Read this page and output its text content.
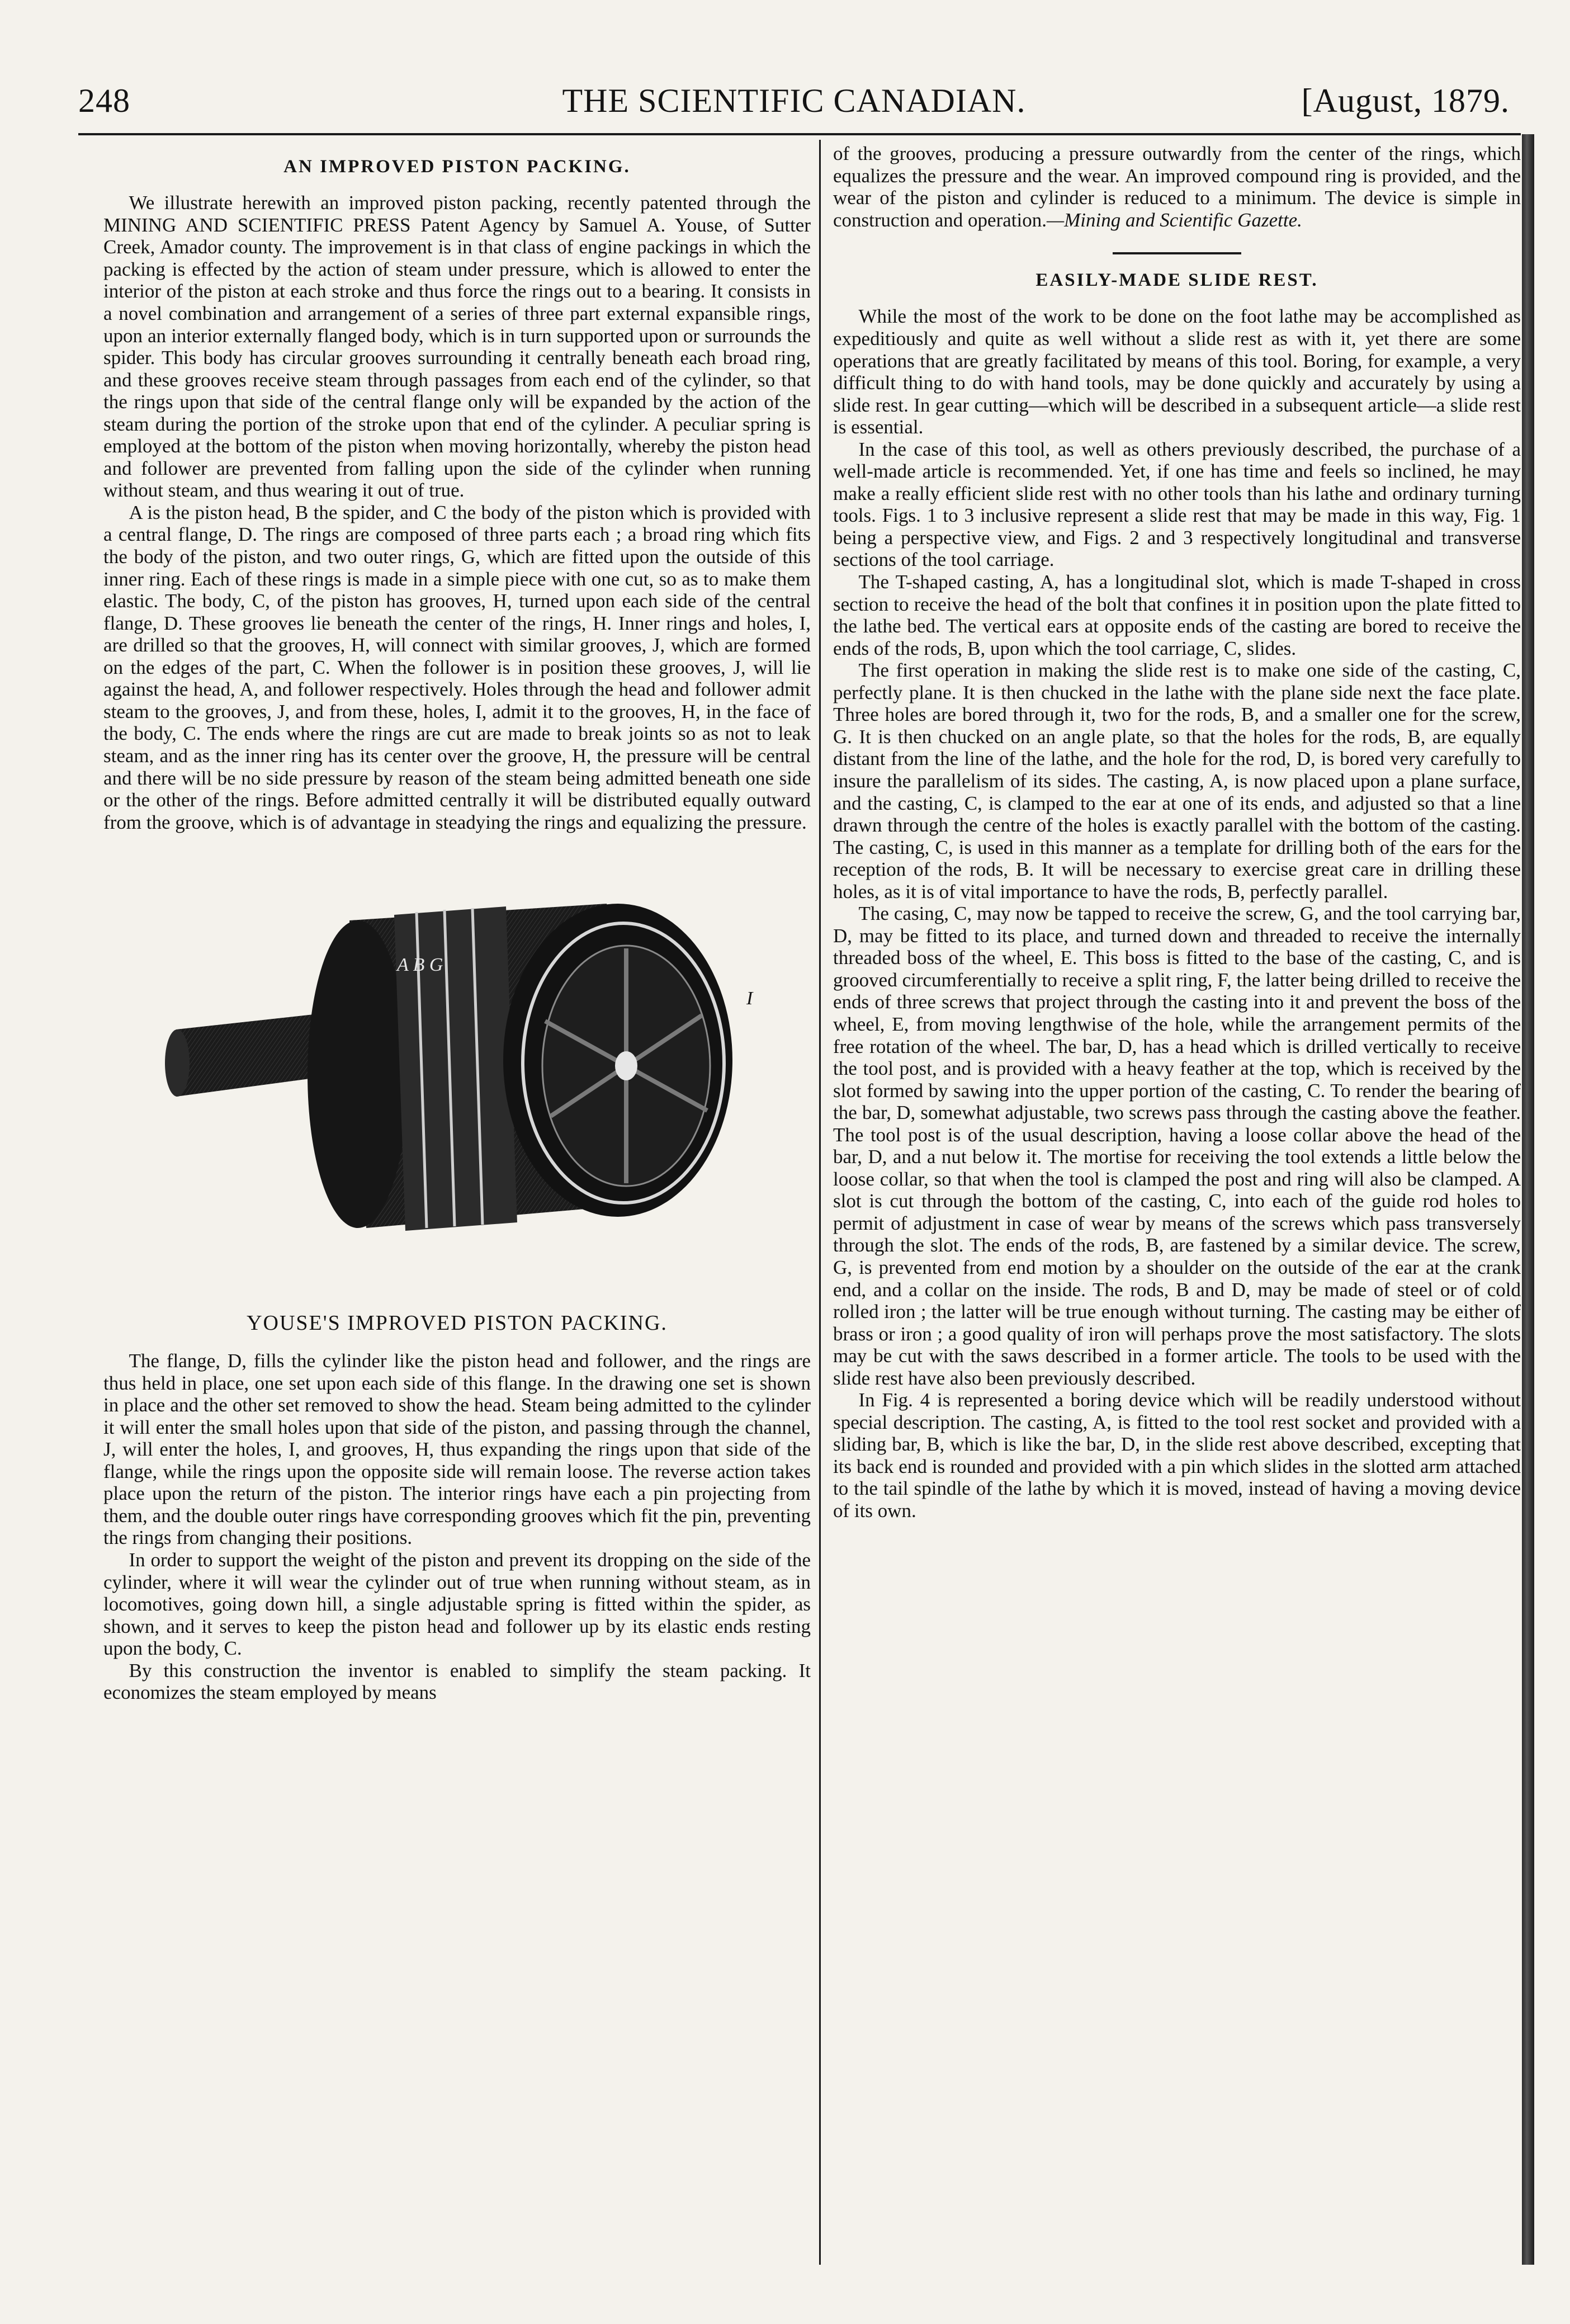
248	THE SCIENTIFIC CANADIAN.	[August, 1879.
AN IMPROVED PISTON PACKING.

We illustrate herewith an improved piston packing, recently patented through the MINING AND SCIENTIFIC PRESS Patent Agency by Samuel A. Youse, of Sutter Creek, Amador county. The improvement is in that class of engine packings in which the packing is effected by the action of steam under pressure, which is allowed to enter the interior of the piston at each stroke and thus force the rings out to a bearing. It consists in a novel combination and arrangement of a series of three part external expansible rings, upon an interior externally flanged body, which is in turn supported upon or surrounds the spider. This body has circular grooves surrounding it centrally beneath each broad ring, and these grooves receive steam through passages from each end of the cylinder, so that the rings upon that side of the central flange only will be expanded by the action of the steam during the portion of the stroke upon that end of the cylinder. A peculiar spring is employed at the bottom of the piston when moving horizontally, whereby the piston head and follower are prevented from falling upon the side of the cylinder when running without steam, and thus wearing it out of true.

A is the piston head, B the spider, and C the body of the piston which is provided with a central flange, D. The rings are composed of three parts each ; a broad ring which fits the body of the piston, and two outer rings, G, which are fitted upon the outside of this inner ring. Each of these rings is made in a simple piece with one cut, so as to make them elastic. The body, C, of the piston has grooves, H, turned upon each side of the central flange, D. These grooves lie beneath the center of the rings, H. Inner rings and holes, I, are drilled so that the grooves, H, will connect with similar grooves, J, which are formed on the edges of the part, C. When the follower is in position these grooves, J, will lie against the head, A, and follower respectively. Holes through the head and follower admit steam to the grooves, J, and from these, holes, I, admit it to the grooves, H, in the face of the body, C. The ends where the rings are cut are made to break joints so as not to leak steam, and as the inner ring has its center over the groove, H, the pressure will be central and there will be no side pressure by reason of the steam being admitted beneath one side or the other of the rings. Before admitted centrally it will be distributed equally outward from the groove, which is of advantage in steadying the rings and equalizing the pressure.

A B G
I
YOUSE'S IMPROVED PISTON PACKING.

The flange, D, fills the cylinder like the piston head and follower, and the rings are thus held in place, one set upon each side of this flange. In the drawing one set is shown in place and the other set removed to show the head. Steam being admitted to the cylinder it will enter the small holes upon that side of the piston, and passing through the channel, J, will enter the holes, I, and grooves, H, thus expanding the rings upon that side of the flange, while the rings upon the opposite side will remain loose. The reverse action takes place upon the return of the piston. The interior rings have each a pin projecting from them, and the double outer rings have corresponding grooves which fit the pin, preventing the rings from changing their positions.

In order to support the weight of the piston and prevent its dropping on the side of the cylinder, where it will wear the cylinder out of true when running without steam, as in locomotives, going down hill, a single adjustable spring is fitted within the spider, as shown, and it serves to keep the piston head and follower up by its elastic ends resting upon the body, C.

By this construction the inventor is enabled to simplify the steam packing. It economizes the steam employed by means

of the grooves, producing a pressure outwardly from the center of the rings, which equalizes the pressure and the wear. An improved compound ring is provided, and the wear of the piston and cylinder is reduced to a minimum. The device is simple in construction and operation.—Mining and Scientific Gazette.

EASILY-MADE SLIDE REST.

While the most of the work to be done on the foot lathe may be accomplished as expeditiously and quite as well without a slide rest as with it, yet there are some operations that are greatly facilitated by means of this tool. Boring, for example, a very difficult thing to do with hand tools, may be done quickly and accurately by using a slide rest. In gear cutting—which will be described in a subsequent article—a slide rest is essential.

In the case of this tool, as well as others previously described, the purchase of a well-made article is recommended. Yet, if one has time and feels so inclined, he may make a really efficient slide rest with no other tools than his lathe and ordinary turning tools. Figs. 1 to 3 inclusive represent a slide rest that may be made in this way, Fig. 1 being a perspective view, and Figs. 2 and 3 respectively longitudinal and transverse sections of the tool carriage.

The T-shaped casting, A, has a longitudinal slot, which is made T-shaped in cross section to receive the head of the bolt that confines it in position upon the plate fitted to the lathe bed. The vertical ears at opposite ends of the casting are bored to receive the ends of the rods, B, upon which the tool carriage, C, slides.

The first operation in making the slide rest is to make one side of the casting, C, perfectly plane. It is then chucked in the lathe with the plane side next the face plate. Three holes are bored through it, two for the rods, B, and a smaller one for the screw, G. It is then chucked on an angle plate, so that the holes for the rods, B, are equally distant from the line of the lathe, and the hole for the rod, D, is bored very carefully to insure the parallelism of its sides. The casting, A, is now placed upon a plane surface, and the casting, C, is clamped to the ear at one of its ends, and adjusted so that a line drawn through the centre of the holes is exactly parallel with the bottom of the casting. The casting, C, is used in this manner as a template for drilling both of the ears for the reception of the rods, B. It will be necessary to exercise great care in drilling these holes, as it is of vital importance to have the rods, B, perfectly parallel.

The casing, C, may now be tapped to receive the screw, G, and the tool carrying bar, D, may be fitted to its place, and turned down and threaded to receive the internally threaded boss of the wheel, E. This boss is fitted to the base of the casting, C, and is grooved circumferentially to receive a split ring, F, the latter being drilled to receive the ends of three screws that project through the casting into it and prevent the boss of the wheel, E, from moving lengthwise of the hole, while the arrangement permits of the free rotation of the wheel. The bar, D, has a head which is drilled vertically to receive the tool post, and is provided with a heavy feather at the top, which is received by the slot formed by sawing into the upper portion of the casting, C. To render the bearing of the bar, D, somewhat adjustable, two screws pass through the casting above the feather. The tool post is of the usual description, having a loose collar above the head of the bar, D, and a nut below it. The mortise for receiving the tool extends a little below the loose collar, so that when the tool is clamped the post and ring will also be clamped. A slot is cut through the bottom of the casting, C, into each of the guide rod holes to permit of adjustment in case of wear by means of the screws which pass transversely through the slot. The ends of the rods, B, are fastened by a similar device. The screw, G, is prevented from end motion by a shoulder on the outside of the ear at the crank end, and a collar on the inside. The rods, B and D, may be made of steel or of cold rolled iron ; the latter will be true enough without turning. The casting may be either of brass or iron ; a good quality of iron will perhaps prove the most satisfactory. The slots may be cut with the saws described in a former article. The tools to be used with the slide rest have also been previously described.

In Fig. 4 is represented a boring device which will be readily understood without special description. The casting, A, is fitted to the tool rest socket and provided with a sliding bar, B, which is like the bar, D, in the slide rest above described, excepting that its back end is rounded and provided with a pin which slides in the slotted arm attached to the tail spindle of the lathe by which it is moved, instead of having a moving device of its own.
